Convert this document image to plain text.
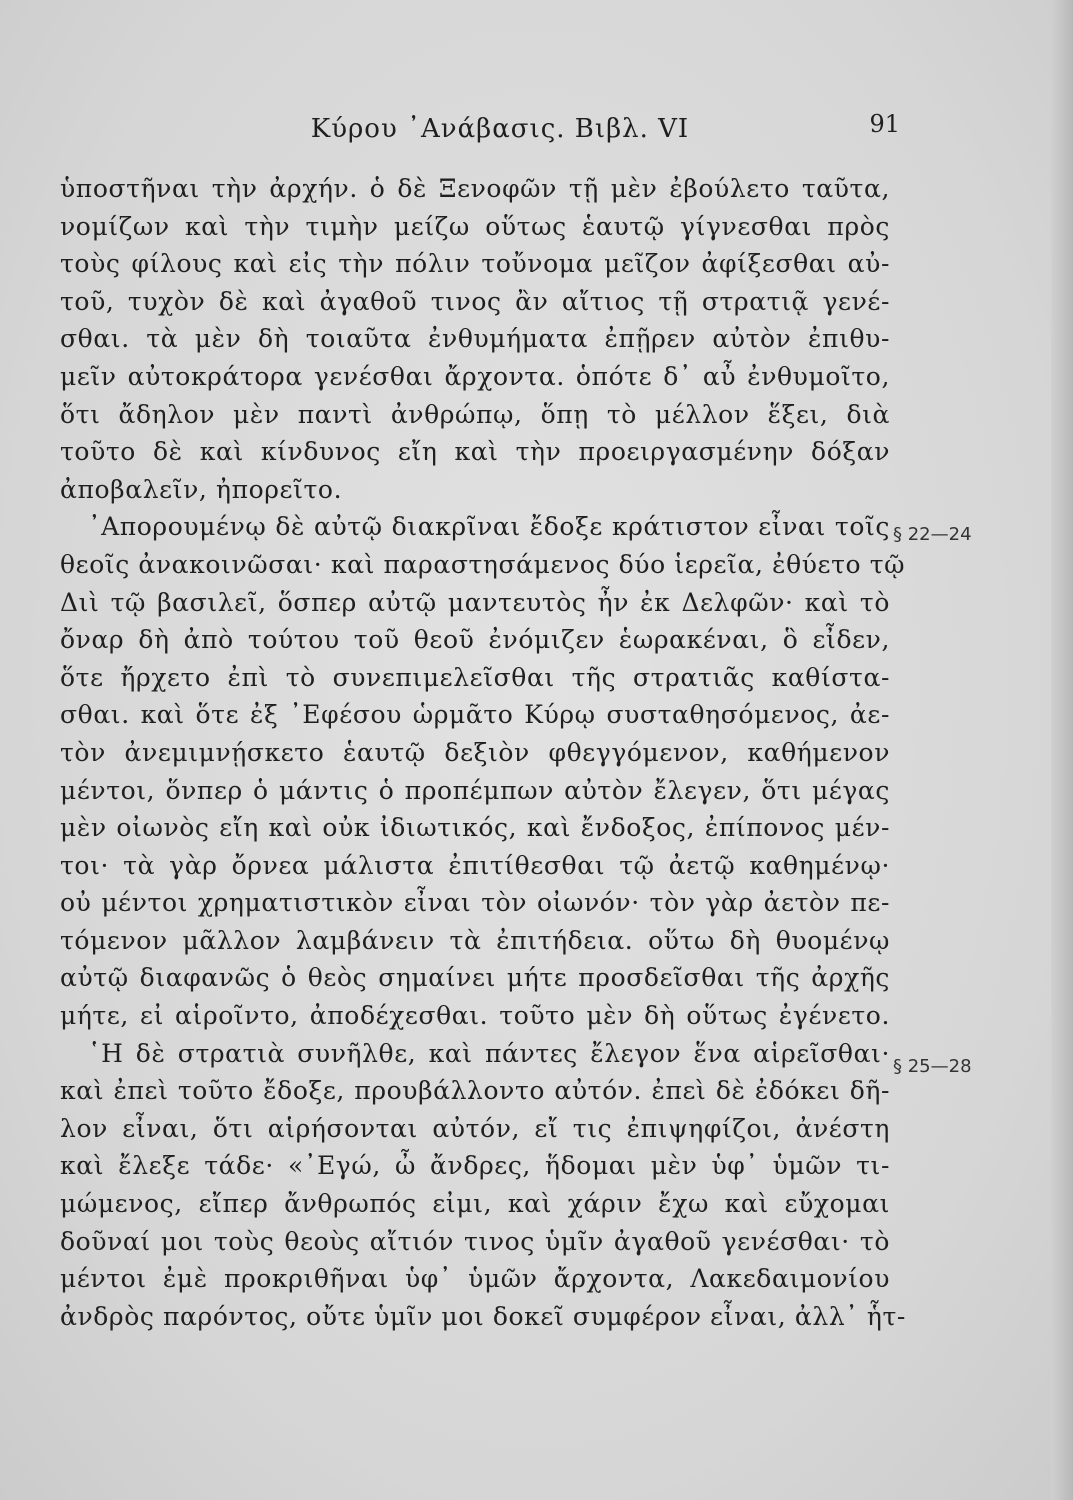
Κύρου ᾿Ανάβασις. Βιβλ. VI	91
ὑποστῆναι τὴν ἀρχήν. ὁ δὲ Ξενοφῶν τῇ μὲν ἐβούλετο ταῦτα,
νομίζων καὶ τὴν τιμὴν μείζω οὕτως ἑαυτῷ γίγνεσθαι πρὸς
τοὺς φίλους καὶ εἰς τὴν πόλιν τοὔνομα μεῖζον ἀφίξεσθαι αὐ-
τοῦ, τυχὸν δὲ καὶ ἀγαθοῦ τινος ἂν αἴτιος τῇ στρατιᾷ γενέ-
σθαι. τὰ μὲν δὴ τοιαῦτα ἐνθυμήματα ἐπῇρεν αὐτὸν ἐπιθυ-
μεῖν αὐτοκράτορα γενέσθαι ἄρχοντα. ὁπότε δ᾿ αὖ ἐνθυμοῖτο,
ὅτι ἄδηλον μὲν παντὶ ἀνθρώπῳ, ὅπῃ τὸ μέλλον ἕξει, διὰ
τοῦτο δὲ καὶ κίνδυνος εἴη καὶ τὴν προειργασμένην δόξαν
ἀποβαλεῖν, ἠπορεῖτο.
᾿Απορουμένῳ δὲ αὐτῷ διακρῖναι ἔδοξε κράτιστον εἶναι τοῖς
θεοῖς ἀνακοινῶσαι· καὶ παραστησάμενος δύο ἱερεῖα, ἐθύετο τῷ
Διὶ τῷ βασιλεῖ, ὅσπερ αὐτῷ μαντευτὸς ἦν ἐκ Δελφῶν· καὶ τὸ
ὄναρ δὴ ἀπὸ τούτου τοῦ θεοῦ ἐνόμιζεν ἑωρακέναι, ὃ εἶδεν,
ὅτε ἤρχετο ἐπὶ τὸ συνεπιμελεῖσθαι τῆς στρατιᾶς καθίστα-
σθαι. καὶ ὅτε ἐξ ᾿Εφέσου ὡρμᾶτο Κύρῳ συσταθησόμενος, ἀε-
τὸν ἀνεμιμνῄσκετο ἑαυτῷ δεξιὸν φθεγγόμενον, καθήμενον
μέντοι, ὅνπερ ὁ μάντις ὁ προπέμπων αὐτὸν ἔλεγεν, ὅτι μέγας
μὲν οἰωνὸς εἴη καὶ οὐκ ἰδιωτικός, καὶ ἔνδοξος, ἐπίπονος μέν-
τοι· τὰ γὰρ ὄρνεα μάλιστα ἐπιτίθεσθαι τῷ ἀετῷ καθημένῳ·
οὐ μέντοι χρηματιστικὸν εἶναι τὸν οἰωνόν· τὸν γὰρ ἀετὸν πε-
τόμενον μᾶλλον λαμβάνειν τὰ ἐπιτήδεια. οὕτω δὴ θυομένῳ
αὐτῷ διαφανῶς ὁ θεὸς σημαίνει μήτε προσδεῖσθαι τῆς ἀρχῆς
μήτε, εἰ αἱροῖντο, ἀποδέχεσθαι. τοῦτο μὲν δὴ οὕτως ἐγένετο.
῾Η δὲ στρατιὰ συνῆλθε, καὶ πάντες ἔλεγον ἕνα αἱρεῖσθαι·
καὶ ἐπεὶ τοῦτο ἔδοξε, προυβάλλοντο αὐτόν. ἐπεὶ δὲ ἐδόκει δῆ-
λον εἶναι, ὅτι αἱρήσονται αὐτόν, εἴ τις ἐπιψηφίζοι, ἀνέστη
καὶ ἔλεξε τάδε· «᾿Εγώ, ὦ ἄνδρες, ἥδομαι μὲν ὑφ᾿ ὑμῶν τι-
μώμενος, εἴπερ ἄνθρωπός εἰμι, καὶ χάριν ἔχω καὶ εὔχομαι
δοῦναί μοι τοὺς θεοὺς αἴτιόν τινος ὑμῖν ἀγαθοῦ γενέσθαι· τὸ
μέντοι ἐμὲ προκριθῆναι ὑφ᾿ ὑμῶν ἄρχοντα, Λακεδαιμονίου
ἀνδρὸς παρόντος, οὔτε ὑμῖν μοι δοκεῖ συμφέρον εἶναι, ἀλλ᾿ ἧτ-
§ 22—24
§ 25—28
